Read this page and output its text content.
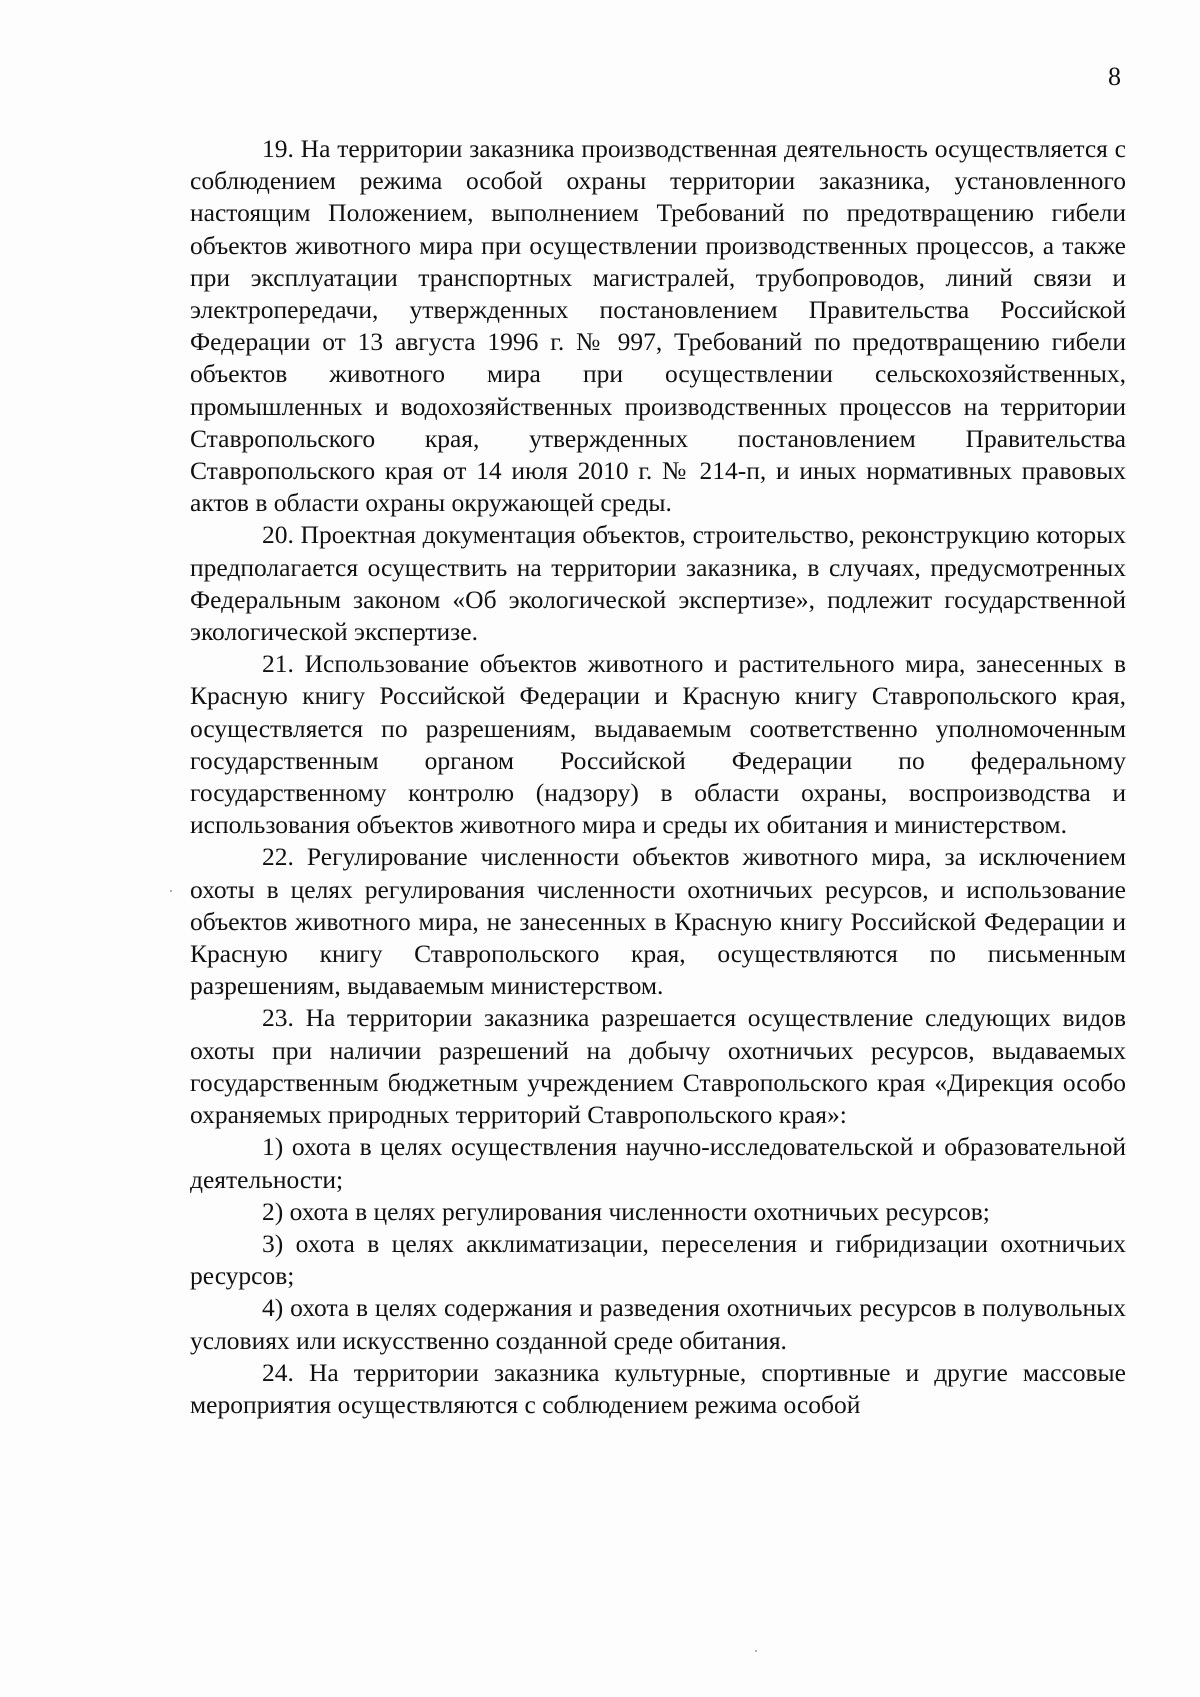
8

19. На территории заказника производственная деятельность осуществляется с соблюдением режима особой охраны территории заказника, установленного настоящим Положением, выполнением Требований по предотвращению гибели объектов животного мира при осуществлении производственных процессов, а также при эксплуатации транспортных магистралей, трубопроводов, линий связи и электропередачи, утвержденных постановлением Правительства Российской Федерации от 13 августа 1996 г. № 997, Требований по предотвращению гибели объектов животного мира при осуществлении сельскохозяйственных, промышленных и водохозяйственных производственных процессов на территории Ставропольского края, утвержденных постановлением Правительства Ставропольского края от 14 июля 2010 г. № 214-п, и иных нормативных правовых актов в области охраны окружающей среды.

20. Проектная документация объектов, строительство, реконструкцию которых предполагается осуществить на территории заказника, в случаях, предусмотренных Федеральным законом «Об экологической экспертизе», подлежит государственной экологической экспертизе.

21. Использование объектов животного и растительного мира, занесенных в Красную книгу Российской Федерации и Красную книгу Ставропольского края, осуществляется по разрешениям, выдаваемым соответственно уполномоченным государственным органом Российской Федерации по федеральному государственному контролю (надзору) в области охраны, воспроизводства и использования объектов животного мира и среды их обитания и министерством.

22. Регулирование численности объектов животного мира, за исключением охоты в целях регулирования численности охотничьих ресурсов, и использование объектов животного мира, не занесенных в Красную книгу Российской Федерации и Красную книгу Ставропольского края, осуществляются по письменным разрешениям, выдаваемым министерством.

23. На территории заказника разрешается осуществление следующих видов охоты при наличии разрешений на добычу охотничьих ресурсов, выдаваемых государственным бюджетным учреждением Ставропольского края «Дирекция особо охраняемых природных территорий Ставропольского края»:

1) охота в целях осуществления научно-исследовательской и образовательной деятельности;

2) охота в целях регулирования численности охотничьих ресурсов;

3) охота в целях акклиматизации, переселения и гибридизации охотничьих ресурсов;

4) охота в целях содержания и разведения охотничьих ресурсов в полувольных условиях или искусственно созданной среде обитания.

24. На территории заказника культурные, спортивные и другие массовые мероприятия осуществляются с соблюдением режима особой
